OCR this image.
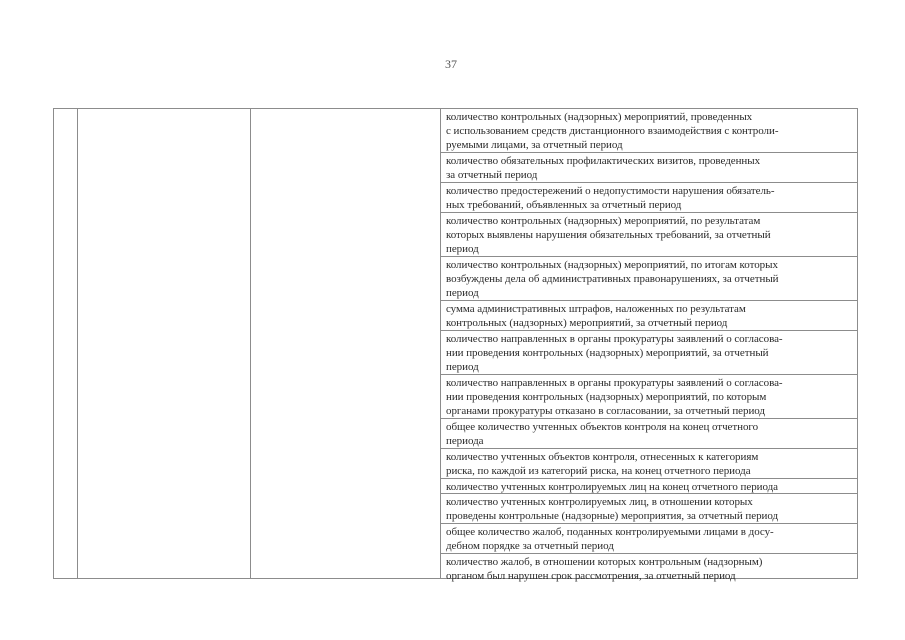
37
количество контрольных (надзорных) мероприятий, проведенных
с использованием средств дистанционного взаимодействия с контроли-
руемыми лицами, за отчетный период
количество обязательных профилактических визитов, проведенных
за отчетный период
количество предостережений о недопустимости нарушения обязатель-
ных требований, объявленных за отчетный период
количество контрольных (надзорных) мероприятий, по результатам
которых выявлены нарушения обязательных требований, за отчетный
период
количество контрольных (надзорных) мероприятий, по итогам которых
возбуждены дела об административных правонарушениях, за отчетный
период
сумма административных штрафов, наложенных по результатам
контрольных (надзорных) мероприятий, за отчетный период
количество направленных в органы прокуратуры заявлений о согласова-
нии проведения контрольных (надзорных) мероприятий, за отчетный
период
количество направленных в органы прокуратуры заявлений о согласова-
нии проведения контрольных (надзорных) мероприятий, по которым
органами прокуратуры отказано в согласовании, за отчетный период
общее количество учтенных объектов контроля на конец отчетного
периода
количество учтенных объектов контроля, отнесенных к категориям
риска, по каждой из категорий риска, на конец отчетного периода
количество учтенных контролируемых лиц на конец отчетного периода
количество учтенных контролируемых лиц, в отношении которых
проведены контрольные (надзорные) мероприятия, за отчетный период
общее количество жалоб, поданных контролируемыми лицами в досу-
дебном порядке за отчетный период
количество жалоб, в отношении которых контрольным (надзорным)
органом был нарушен срок рассмотрения, за отчетный период
